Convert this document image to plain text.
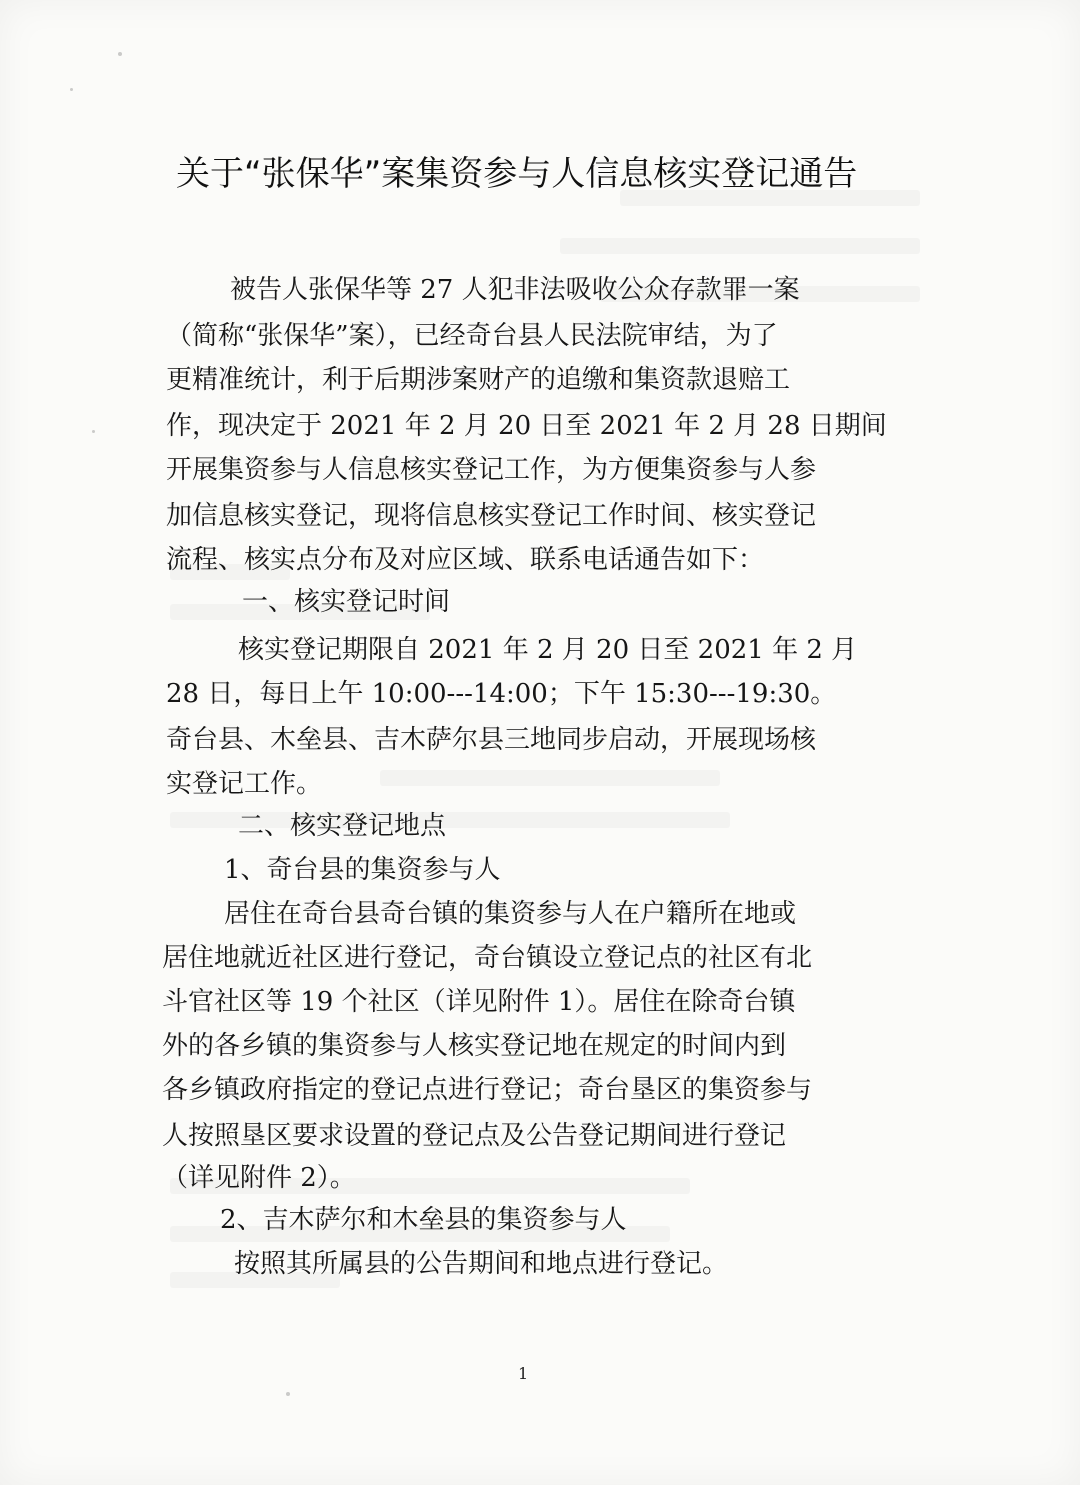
关于“张保华”案集资参与人信息核实登记通告
被告人张保华等 27 人犯非法吸收公众存款罪一案
（简称“张保华”案），已经奇台县人民法院审结，为了
更精准统计，利于后期涉案财产的追缴和集资款退赔工
作，现决定于 2021 年 2 月 20 日至 2021 年 2 月 28 日期间
开展集资参与人信息核实登记工作，为方便集资参与人参
加信息核实登记，现将信息核实登记工作时间、核实登记
流程、核实点分布及对应区域、联系电话通告如下：
一、核实登记时间
核实登记期限自 2021 年 2 月 20 日至 2021 年 2 月
28 日，每日上午 10:00---14:00；下午 15:30---19:30。
奇台县、木垒县、吉木萨尔县三地同步启动，开展现场核
实登记工作。
二、核实登记地点
1、奇台县的集资参与人
居住在奇台县奇台镇的集资参与人在户籍所在地或
居住地就近社区进行登记，奇台镇设立登记点的社区有北
斗官社区等 19 个社区（详见附件 1）。居住在除奇台镇
外的各乡镇的集资参与人核实登记地在规定的时间内到
各乡镇政府指定的登记点进行登记；奇台垦区的集资参与
人按照垦区要求设置的登记点及公告登记期间进行登记
（详见附件 2）。
2、吉木萨尔和木垒县的集资参与人
按照其所属县的公告期间和地点进行登记。
1
